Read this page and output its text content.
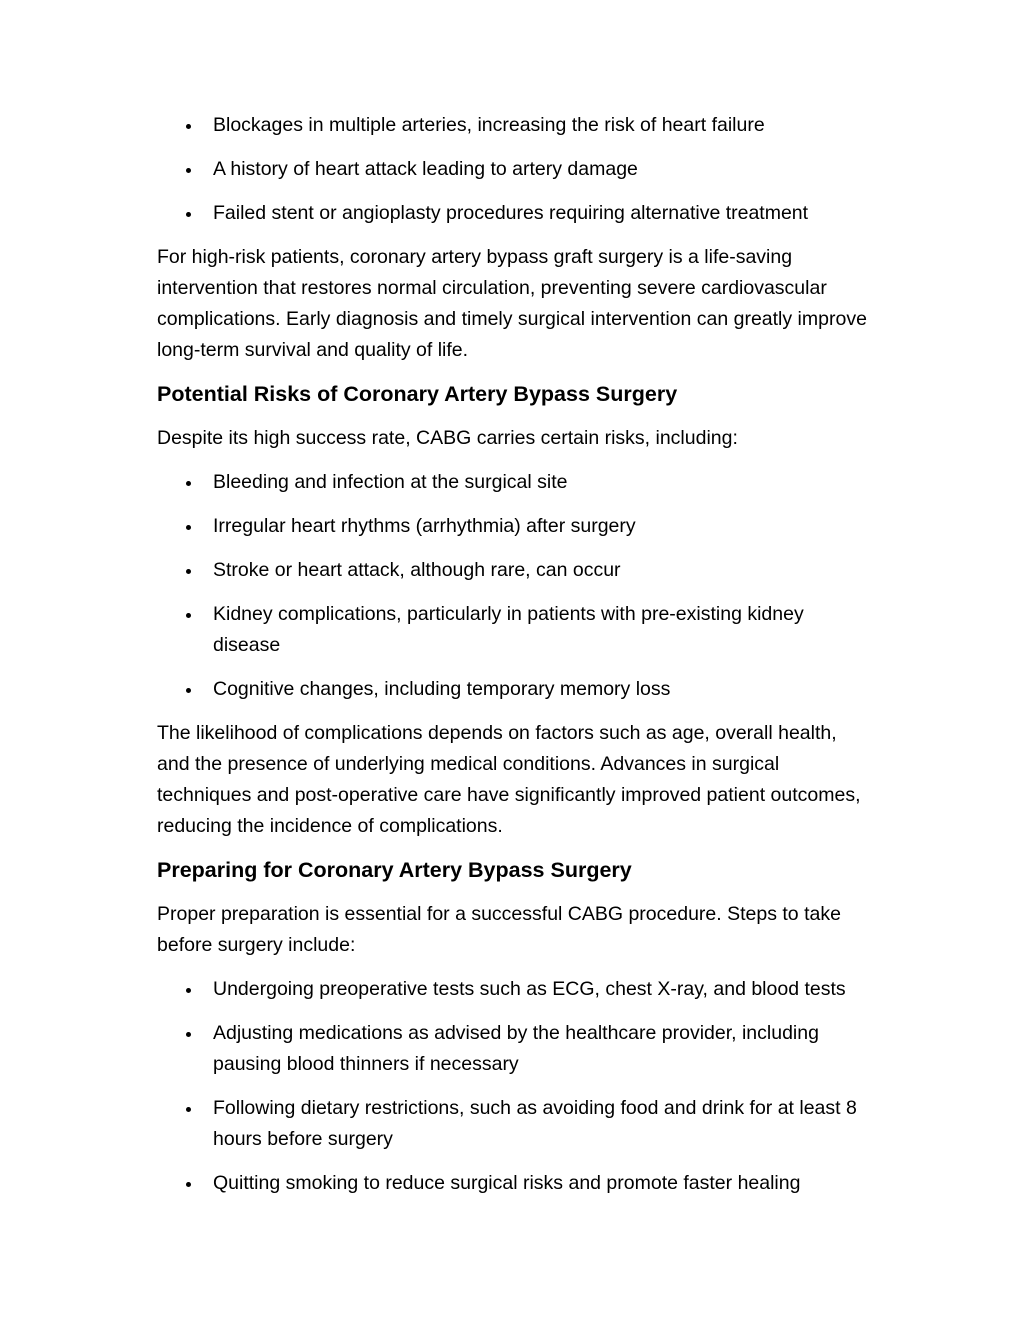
Blockages in multiple arteries, increasing the risk of heart failure
A history of heart attack leading to artery damage
Failed stent or angioplasty procedures requiring alternative treatment

For high-risk patients, coronary artery bypass graft surgery is a life-saving intervention that restores normal circulation, preventing severe cardiovascular complications. Early diagnosis and timely surgical intervention can greatly improve long-term survival and quality of life.

Potential Risks of Coronary Artery Bypass Surgery

Despite its high success rate, CABG carries certain risks, including:

Bleeding and infection at the surgical site
Irregular heart rhythms (arrhythmia) after surgery
Stroke or heart attack, although rare, can occur
Kidney complications, particularly in patients with pre-existing kidney disease
Cognitive changes, including temporary memory loss

The likelihood of complications depends on factors such as age, overall health, and the presence of underlying medical conditions. Advances in surgical techniques and post-operative care have significantly improved patient outcomes, reducing the incidence of complications.

Preparing for Coronary Artery Bypass Surgery

Proper preparation is essential for a successful CABG procedure. Steps to take before surgery include:

Undergoing preoperative tests such as ECG, chest X-ray, and blood tests
Adjusting medications as advised by the healthcare provider, including pausing blood thinners if necessary
Following dietary restrictions, such as avoiding food and drink for at least 8 hours before surgery
Quitting smoking to reduce surgical risks and promote faster healing
